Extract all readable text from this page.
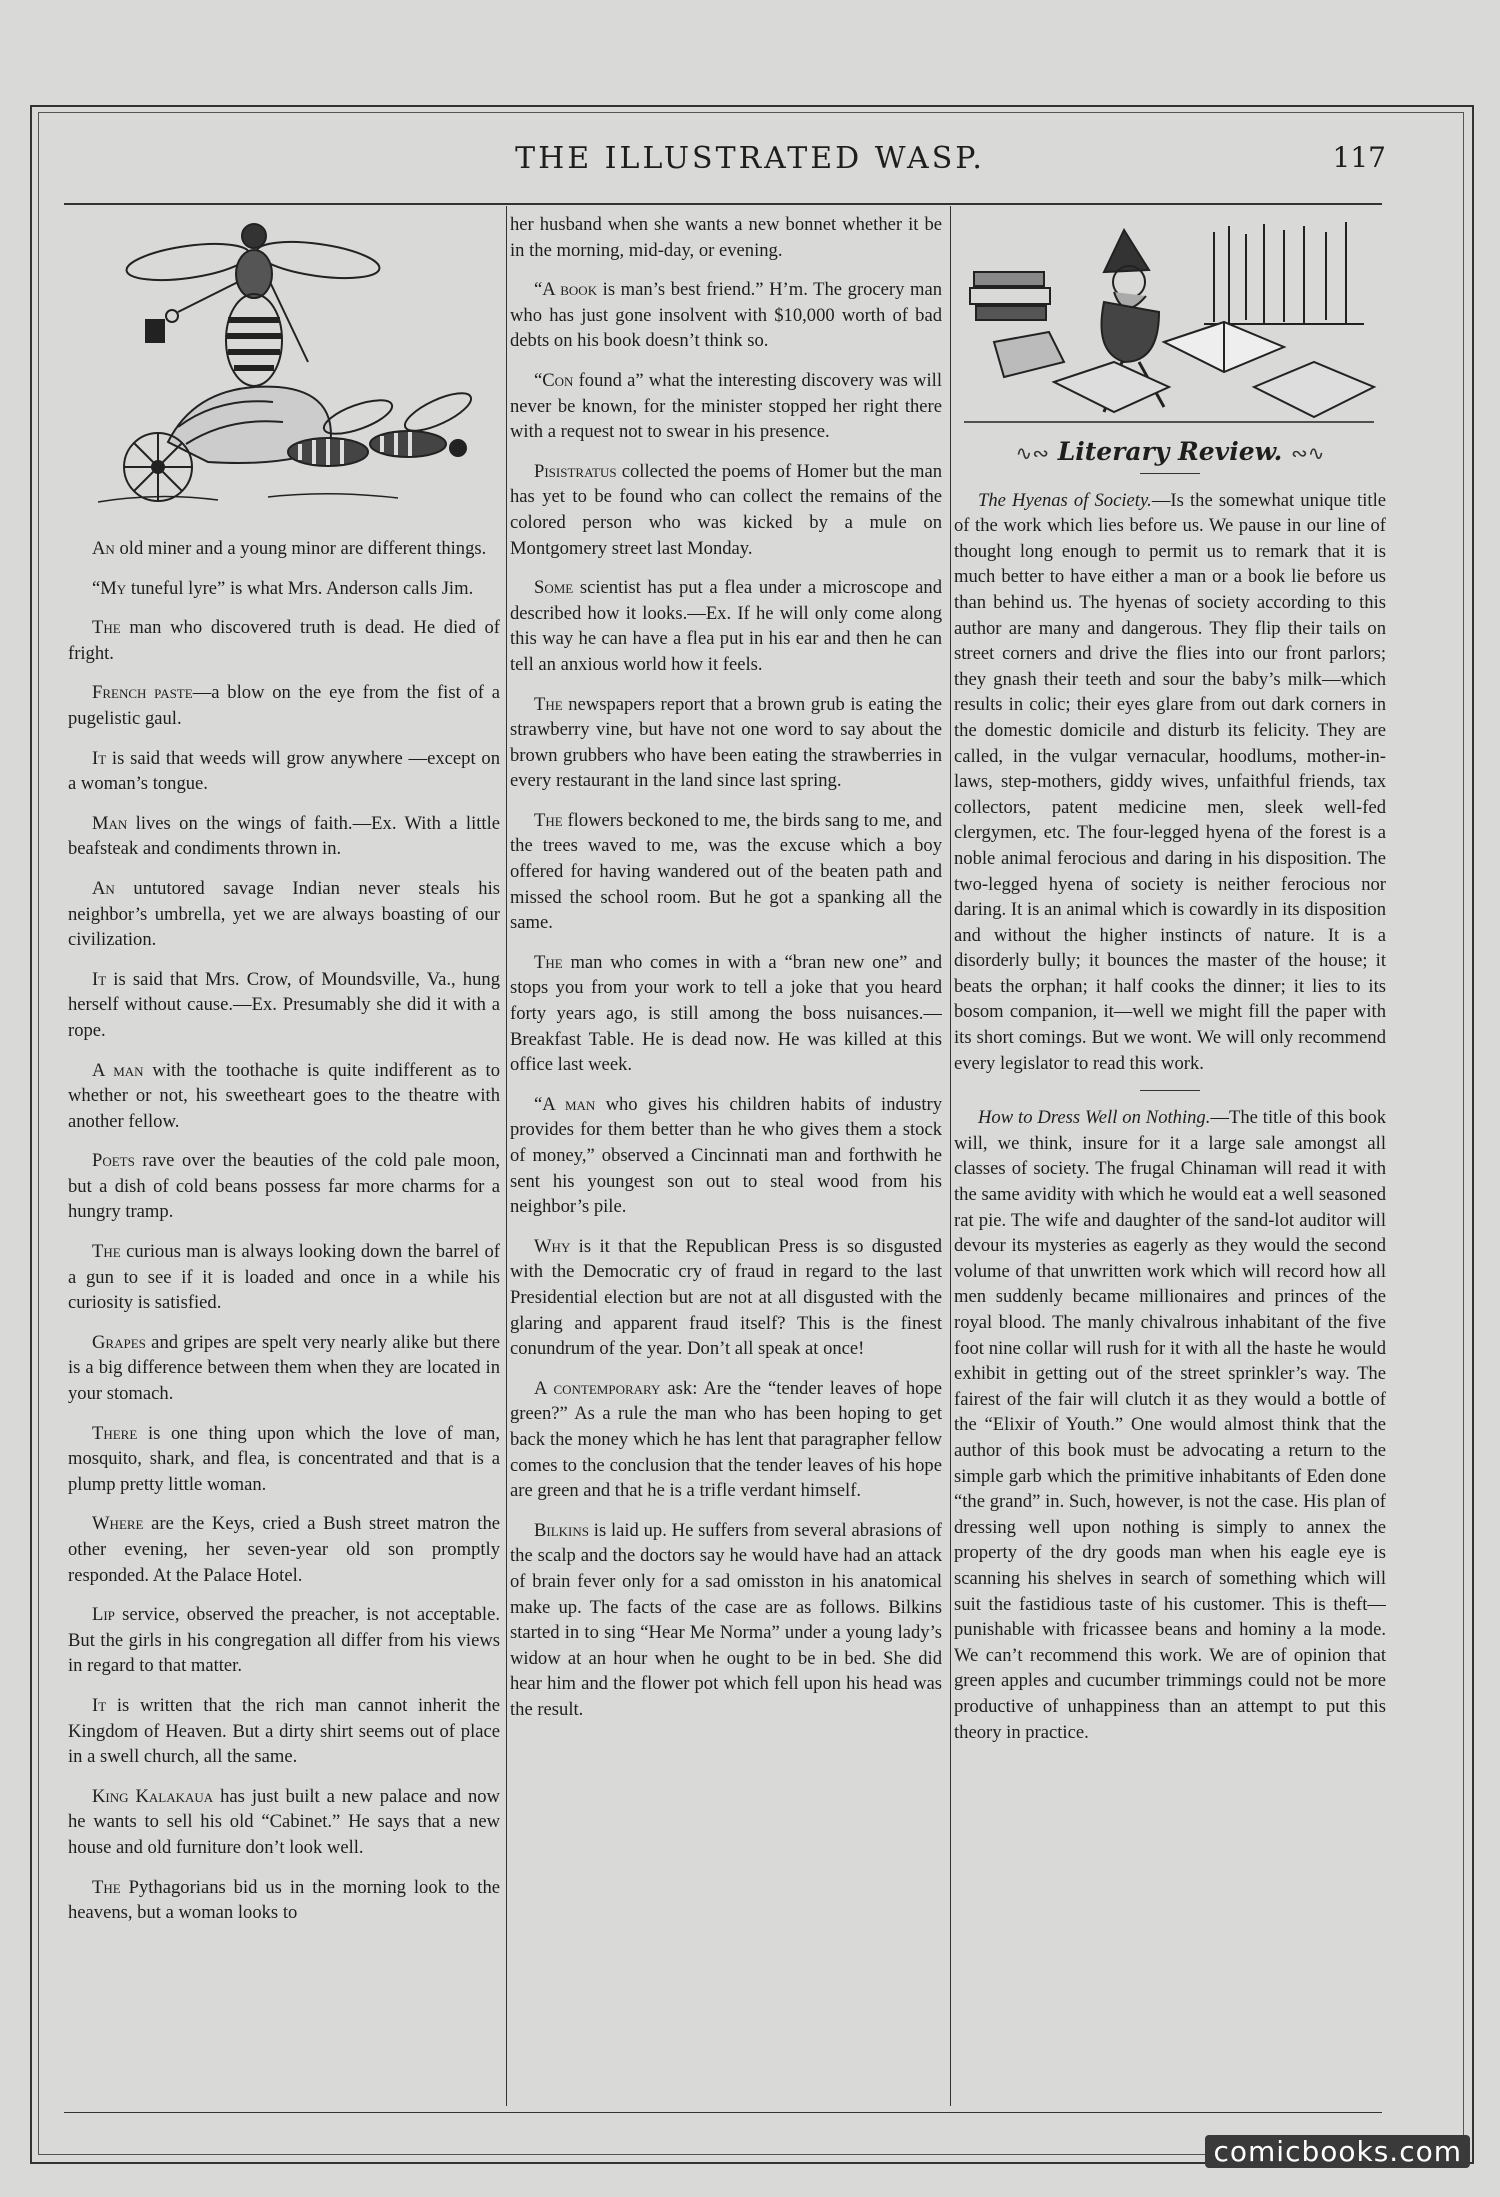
THE ILLUSTRATED WASP.	117

An old miner and a young minor are different things.

“My tuneful lyre” is what Mrs. Anderson calls Jim.

The man who discovered truth is dead. He died of fright.

French paste—a blow on the eye from the fist of a pugelistic gaul.

It is said that weeds will grow anywhere —except on a woman’s tongue.

Man lives on the wings of faith.—Ex. With a little beafsteak and condiments thrown in.

An untutored savage Indian never steals his neighbor’s umbrella, yet we are always boasting of our civilization.

It is said that Mrs. Crow, of Moundsville, Va., hung herself without cause.—Ex. Presumably she did it with a rope.

A man with the toothache is quite indifferent as to whether or not, his sweetheart goes to the theatre with another fellow.

Poets rave over the beauties of the cold pale moon, but a dish of cold beans possess far more charms for a hungry tramp.

The curious man is always looking down the barrel of a gun to see if it is loaded and once in a while his curiosity is satisfied.

Grapes and gripes are spelt very nearly alike but there is a big difference between them when they are located in your stomach.

There is one thing upon which the love of man, mosquito, shark, and flea, is concentrated and that is a plump pretty little woman.

Where are the Keys, cried a Bush street matron the other evening, her seven-year old son promptly responded. At the Palace Hotel.

Lip service, observed the preacher, is not acceptable. But the girls in his congregation all differ from his views in regard to that matter.

It is written that the rich man cannot inherit the Kingdom of Heaven. But a dirty shirt seems out of place in a swell church, all the same.

King Kalakaua has just built a new palace and now he wants to sell his old “Cabinet.” He says that a new house and old furniture don’t look well.

The Pythagorians bid us in the morning look to the heavens, but a woman looks to

her husband when she wants a new bonnet whether it be in the morning, mid-day, or evening.

“A book is man’s best friend.” H’m. The grocery man who has just gone insolvent with $10,000 worth of bad debts on his book doesn’t think so.

“Con found a” what the interesting discovery was will never be known, for the minister stopped her right there with a request not to swear in his presence.

Pisistratus collected the poems of Homer but the man has yet to be found who can collect the remains of the colored person who was kicked by a mule on Montgomery street last Monday.

Some scientist has put a flea under a microscope and described how it looks.—Ex. If he will only come along this way he can have a flea put in his ear and then he can tell an anxious world how it feels.

The newspapers report that a brown grub is eating the strawberry vine, but have not one word to say about the brown grubbers who have been eating the strawberries in every restaurant in the land since last spring.

The flowers beckoned to me, the birds sang to me, and the trees waved to me, was the excuse which a boy offered for having wandered out of the beaten path and missed the school room. But he got a spanking all the same.

The man who comes in with a “bran new one” and stops you from your work to tell a joke that you heard forty years ago, is still among the boss nuisances.—Breakfast Table. He is dead now. He was killed at this office last week.

“A man who gives his children habits of industry provides for them better than he who gives them a stock of money,” observed a Cincinnati man and forthwith he sent his youngest son out to steal wood from his neighbor’s pile.

Why is it that the Republican Press is so disgusted with the Democratic cry of fraud in regard to the last Presidential election but are not at all disgusted with the glaring and apparent fraud itself? This is the finest conundrum of the year. Don’t all speak at once!

A contemporary ask: Are the “tender leaves of hope green?” As a rule the man who has been hoping to get back the money which he has lent that paragrapher fellow comes to the conclusion that the tender leaves of his hope are green and that he is a trifle verdant himself.

Bilkins is laid up. He suffers from several abrasions of the scalp and the doctors say he would have had an attack of brain fever only for a sad omisston in his anatomical make up. The facts of the case are as follows. Bilkins started in to sing “Hear Me Norma” under a young lady’s widow at an hour when he ought to be in bed. She did hear him and the flower pot which fell upon his head was the result.

∿∾ Literary Review. ∾∿

The Hyenas of Society.—Is the somewhat unique title of the work which lies before us. We pause in our line of thought long enough to permit us to remark that it is much better to have either a man or a book lie before us than behind us. The hyenas of society according to this author are many and dangerous. They flip their tails on street corners and drive the flies into our front parlors; they gnash their teeth and sour the baby’s milk—which results in colic; their eyes glare from out dark corners in the domestic domicile and disturb its felicity. They are called, in the vulgar vernacular, hoodlums, mother-in-laws, step-mothers, giddy wives, unfaithful friends, tax collectors, patent medicine men, sleek well-fed clergymen, etc. The four-legged hyena of the forest is a noble animal ferocious and daring in his disposition. The two-legged hyena of society is neither ferocious nor daring. It is an animal which is cowardly in its disposition and without the higher instincts of nature. It is a disorderly bully; it bounces the master of the house; it beats the orphan; it half cooks the dinner; it lies to its bosom companion, it—well we might fill the paper with its short comings. But we wont. We will only recommend every legislator to read this work.

How to Dress Well on Nothing.—The title of this book will, we think, insure for it a large sale amongst all classes of society. The frugal Chinaman will read it with the same avidity with which he would eat a well seasoned rat pie. The wife and daughter of the sand-lot auditor will devour its mysteries as eagerly as they would the second volume of that unwritten work which will record how all men suddenly became millionaires and princes of the royal blood. The manly chivalrous inhabitant of the five foot nine collar will rush for it with all the haste he would exhibit in getting out of the street sprinkler’s way. The fairest of the fair will clutch it as they would a bottle of the “Elixir of Youth.” One would almost think that the author of this book must be advocating a return to the simple garb which the primitive inhabitants of Eden done “the grand” in. Such, however, is not the case. His plan of dressing well upon nothing is simply to annex the property of the dry goods man when his eagle eye is scanning his shelves in search of something which will suit the fastidious taste of his customer. This is theft—punishable with fricassee beans and hominy a la mode. We can’t recommend this work. We are of opinion that green apples and cucumber trimmings could not be more productive of unhappiness than an attempt to put this theory in practice.

comicbooks.com
